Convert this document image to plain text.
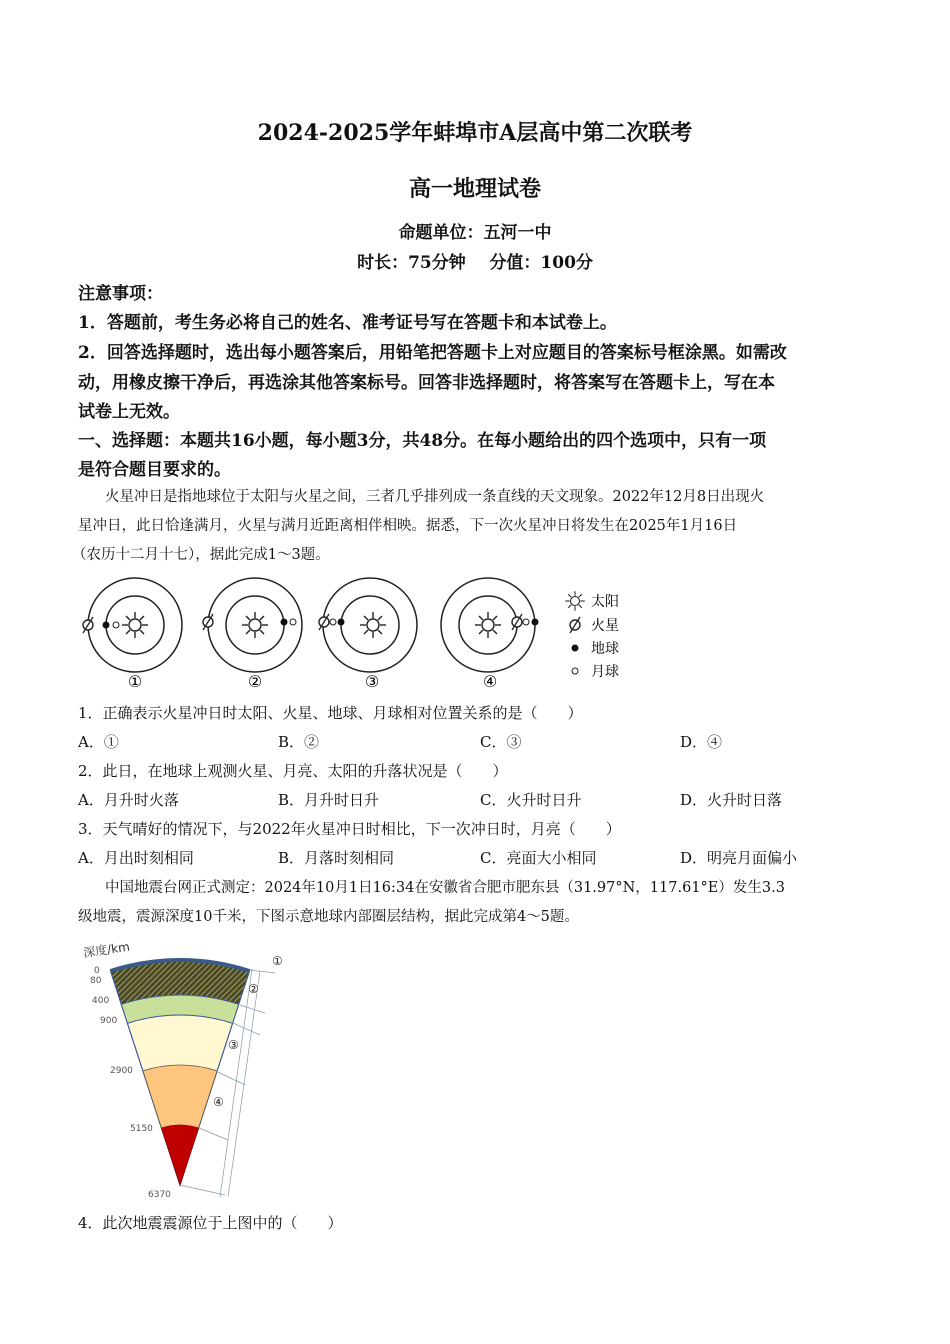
2024-2025学年蚌埠市A层高中第二次联考
高一地理试卷
命题单位：五河一中
时长：75分钟    分值：100分
注意事项：
1．答题前，考生务必将自己的姓名、准考证号写在答题卡和本试卷上。
2．回答选择题时，选出每小题答案后，用铅笔把答题卡上对应题目的答案标号框涂黑。如需改
动，用橡皮擦干净后，再选涂其他答案标号。回答非选择题时，将答案写在答题卡上，写在本
试卷上无效。
一、选择题：本题共16小题，每小题3分，共48分。在每小题给出的四个选项中，只有一项
是符合题目要求的。
火星冲日是指地球位于太阳与火星之间，三者几乎排列成一条直线的天文现象。2022年12月8日出现火
星冲日，此日恰逢满月，火星与满月近距离相伴相映。据悉，下一次火星冲日将发生在2025年1月16日
（农历十二月十七），据此完成1～3题。
①	②	③	④
太阳
火星
地球
月球
1．正确表示火星冲日时太阳、火星、地球、月球相对位置关系的是（　　）
A．①	B．②	C．③	D．④
2．此日，在地球上观测火星、月亮、太阳的升落状况是（　　）
A．月升时火落	B．月升时日升	C．火升时日升	D．火升时日落
3．天气晴好的情况下，与2022年火星冲日时相比，下一次冲日时，月亮（　　）
A．月出时刻相同	B．月落时刻相同	C．亮面大小相同	D．明亮月面偏小
中国地震台网正式测定：2024年10月1日16:34在安徽省合肥市肥东县（31.97°N，117.61°E）发生3.3
级地震，震源深度10千米，下图示意地球内部圈层结构，据此完成第4～5题。
深度/km
0
80
400
900
2900
5150
6370
①
②
③
④
4．此次地震震源位于上图中的（　　）
